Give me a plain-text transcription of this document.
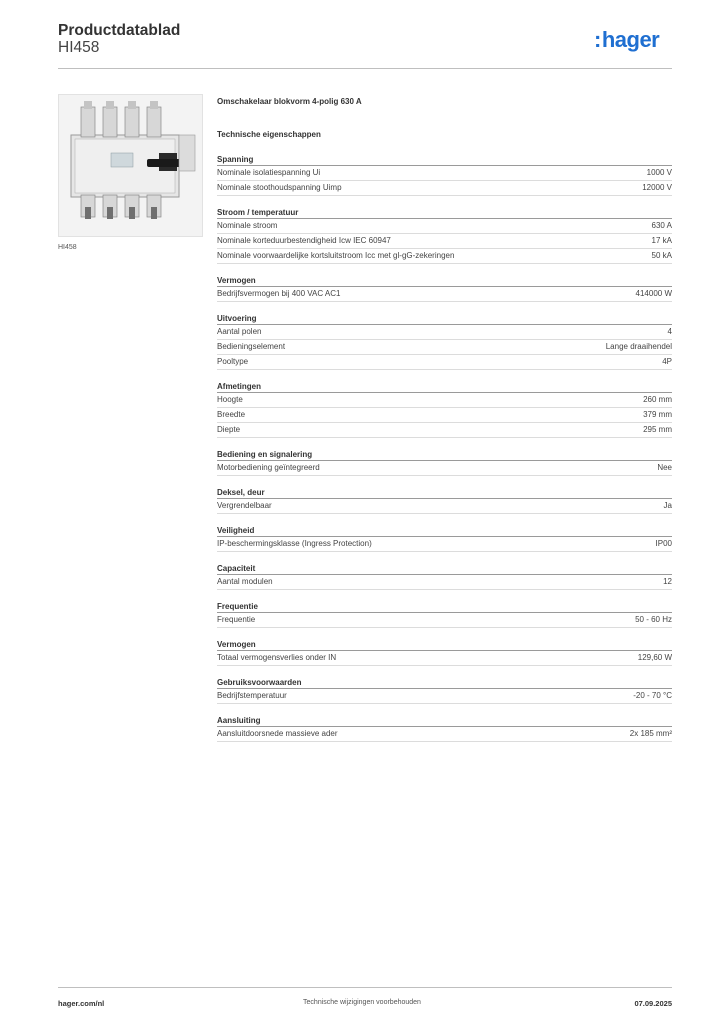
Productdatablad
HI458	:hager
HI458
Omschakelaar blokvorm 4-polig 630 A
Technische eigenschappen
Spanning
Nominale isolatiespanning Ui	1000 V
Nominale stoothoudspanning Uimp	12000 V
Stroom / temperatuur
Nominale stroom	630 A
Nominale korteduurbestendigheid Icw IEC 60947	17 kA
Nominale voorwaardelijke kortsluitstroom Icc met gl-gG-zekeringen	50 kA
Vermogen
Bedrijfsvermogen bij 400 VAC AC1	414000 W
Uitvoering
Aantal polen	4
Bedieningselement	Lange draaihendel
Pooltype	4P
Afmetingen
Hoogte	260 mm
Breedte	379 mm
Diepte	295 mm
Bediening en signalering
Motorbediening geïntegreerd	Nee
Deksel, deur
Vergrendelbaar	Ja
Veiligheid
IP-beschermingsklasse (Ingress Protection)	IP00
Capaciteit
Aantal modulen	12
Frequentie
Frequentie	50 - 60 Hz
Vermogen
Totaal vermogensverlies onder IN	129,60 W
Gebruiksvoorwaarden
Bedrijfstemperatuur	-20 - 70 °C
Aansluiting
Aansluitdoorsnede massieve ader	2x 185 mm²
hager.com/nl	Technische wijzigingen voorbehouden	07.09.2025
